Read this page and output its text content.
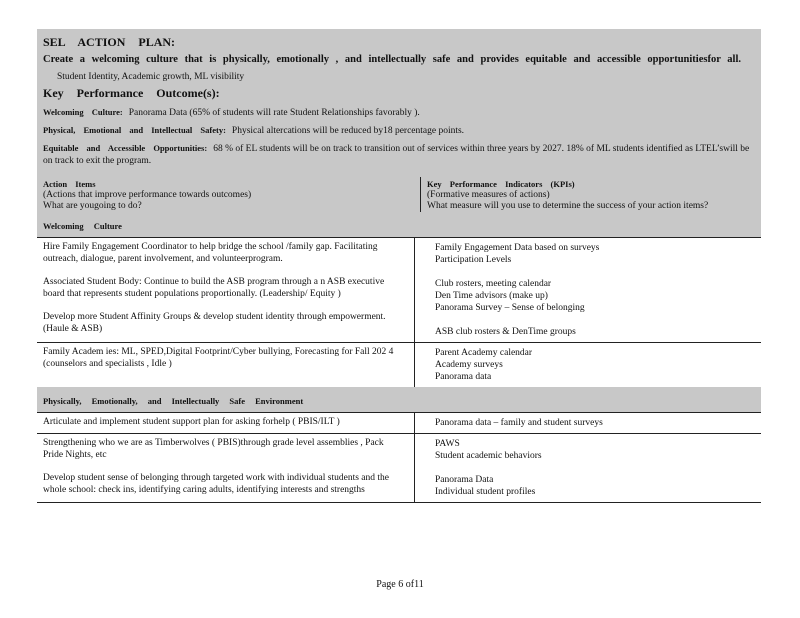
SEL ACTION PLAN:
Create a welcoming culture that is physically, emotionally , and intellectually safe and provides equitable and accessible opportunitiesfor all.
Student Identity, Academic growth, ML visibility
Key Performance Outcome(s):
Welcoming Culture: Panorama Data (65% of students will rate Student Relationships favorably ).
Physical, Emotional and Intellectual Safety: Physical altercations will be reduced by18 percentage points.
Equitable and Accessible Opportunities: 68 % of EL students will be on track to transition out of services within three years by 2027. 18% of ML students identified as LTEL’swill be on track to exit the program.
Action Items
(Actions that improve performance towards outcomes)
What are yougoing to do?
Key Performance Indicators (KPIs)
(Formative measures of actions)
What measure will you use to determine the success of your action items?
Welcoming Culture
Hire Family Engagement Coordinator to help bridge the school /family gap. Facilitating outreach, dialogue, parent involvement, and volunteerprogram.
Associated Student Body: Continue to build the ASB program through a n ASB executive board that represents student populations proportionally. (Leadership/ Equity )
Develop more Student Affinity Groups & develop student identity through empowerment. (Haule & ASB)
Family Engagement Data based on surveys
Participation Levels
Club rosters, meeting calendar
Den Time advisors (make up)
Panorama Survey – Sense of belonging
ASB club rosters & DenTime groups
Family Academ ies: ML, SPED,Digital Footprint/Cyber bullying, Forecasting for Fall 202 4 (counselors and specialists , Idle )
Parent Academy calendar
Academy surveys
Panorama data
Physically, Emotionally, and Intellectually Safe Environment
Articulate and implement student support plan for asking forhelp ( PBIS/ILT )	Panorama data – family and student surveys
Strengthening who we are as Timberwolves ( PBIS)through grade level assemblies , Pack Pride Nights, etc
Develop student sense of belonging through targeted work with individual students and the whole school: check ins, identifying caring adults, identifying interests and strengths
PAWS
Student academic behaviors
Panorama Data
Individual student profiles
Page 6 of11
